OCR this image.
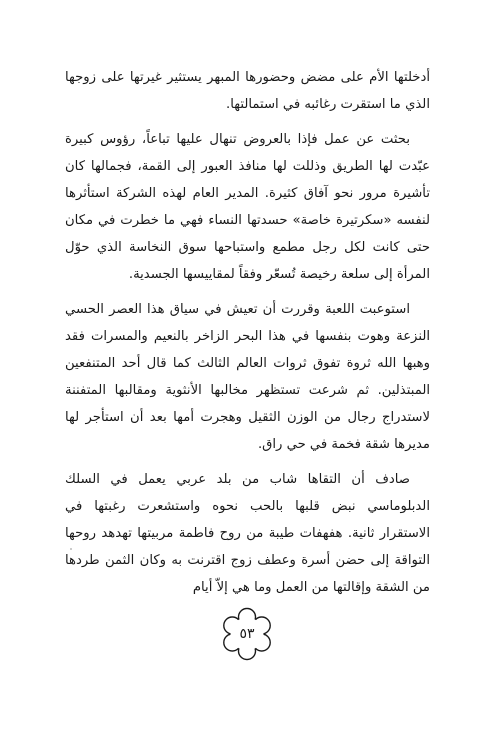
أدخلتها الأم على مضض وحضورها المبهر يستثير غيرتها على زوجها الذي ما استقرت رغائبه في استمالتها.

بحثت عن عمل فإذا بالعروض تنهال عليها تباعاً، رؤوس كبيرة عبّدت لها الطريق وذللت لها منافذ العبور إلى القمة، فجمالها كان تأشيرة مرور نحو آفاق كثيرة. المدير العام لهذه الشركة استأثرها لنفسه «سكرتيرة خاصة» حسدتها النساء فهي ما خطرت في مكان حتى كانت لكل رجل مطمع واستباحها سوق النخاسة الذي حوّل المرأة إلى سلعة رخيصة تُسعّر وفقاً لمقاييسها الجسدية.

استوعبت اللعبة وقررت أن تعيش في سياق هذا العصر الحسي النزعة وهوت بنفسها في هذا البحر الزاخر بالنعيم والمسرات فقد وهبها الله ثروة تفوق ثروات العالم الثالث كما قال أحد المتنفعين المبتذلين. ثم شرعت تستظهر مخالبها الأنثوية ومقالبها المتفننة لاستدراج رجال من الوزن الثقيل وهجرت أمها بعد أن استأجر لها مديرها شقة فخمة في حي راق.

صادف أن التقاها شاب من بلد عربي يعمل في السلك الدبلوماسي نبض قلبها بالحب نحوه واستشعرت رغبتها في الاستقرار ثانية. هفهفات طيبة من روح فاطمة مربيتها تهدهد روحها التواقة إلى حضن أسرة وعطف زوج اقترنت به وكان الثمن طردها من الشقة وإقالتها من العمل وما هي إلاّ أيام

٥٣
